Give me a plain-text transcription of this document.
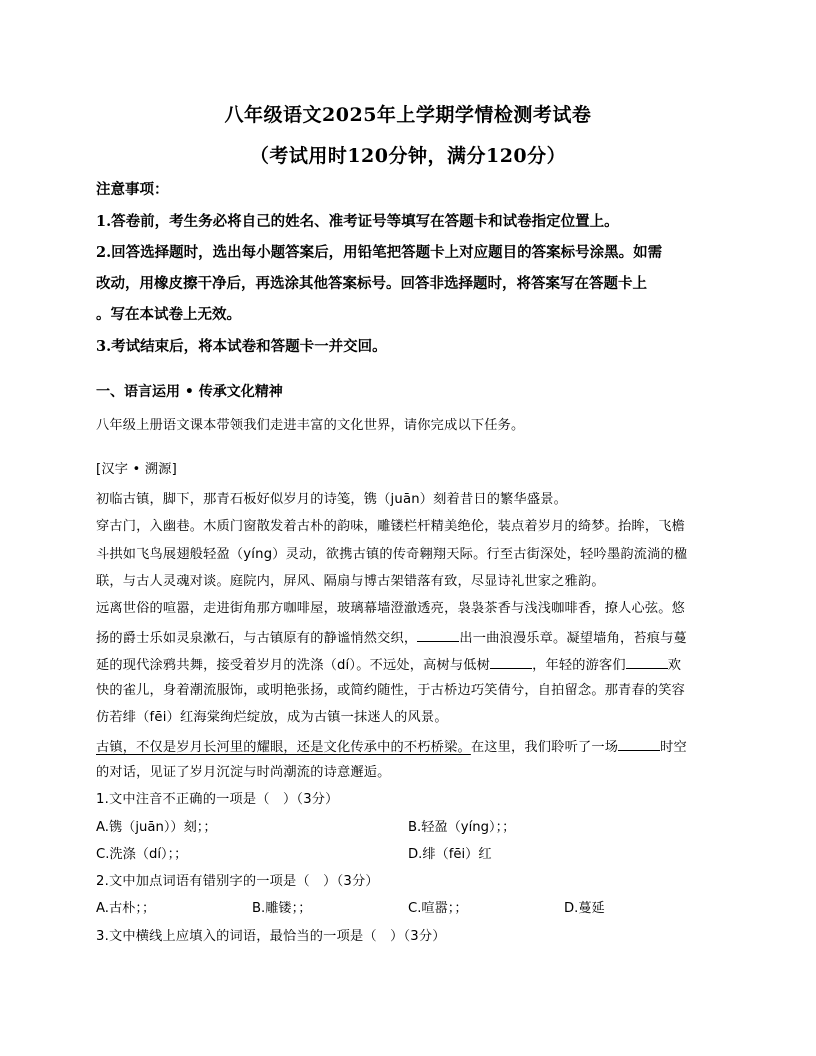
八年级语文2025年上学期学情检测考试卷
（考试用时120分钟，满分120分）
注意事项：
1.答卷前，考生务必将自己的姓名、准考证号等填写在答题卡和试卷指定位置上。
2.回答选择题时，选出每小题答案后，用铅笔把答题卡上对应题目的答案标号涂黑。如需
改动，用橡皮擦干净后，再选涂其他答案标号。回答非选择题时，将答案写在答题卡上
。写在本试卷上无效。
3.考试结束后，将本试卷和答题卡一并交回。
一、语言运用 • 传承文化精神
八年级上册语文课本带领我们走进丰富的文化世界，请你完成以下任务。
[汉字 • 溯源]
初临古镇，脚下，那青石板好似岁月的诗笺，镌（juān）刻着昔日的繁华盛景。
穿古门，入幽巷。木质门窗散发着古朴的韵味，雕镂栏杆精美绝伦，装点着岁月的绮梦。抬眸，飞檐
斗拱如飞鸟展翅般轻盈（yíng）灵动，欲携古镇的传奇翱翔天际。行至古街深处，轻吟墨韵流淌的楹
联，与古人灵魂对谈。庭院内，屏风、隔扇与博古架错落有致，尽显诗礼世家之雅韵。
远离世俗的喧嚣，走进街角那方咖啡屋，玻璃幕墙澄澈透亮，袅袅茶香与浅浅咖啡香，撩人心弦。悠
扬的爵士乐如灵泉漱石，与古镇原有的静谧悄然交织，	出一曲浪漫乐章。凝望墙角，苔痕与蔓
延的现代涂鸦共舞，接受着岁月的洗涤（dí）。不远处，高树与低树	，年轻的游客们	欢
快的雀儿，身着潮流服饰，或明艳张扬，或简约随性，于古桥边巧笑倩兮，自拍留念。那青春的笑容
仿若绯（fēi）红海棠绚烂绽放，成为古镇一抹迷人的风景。
古镇，不仅是岁月长河里的耀眼，还是文化传承中的不朽桥梁。在这里，我们聆听了一场	时空
的对话，见证了岁月沉淀与时尚潮流的诗意邂逅。
1.文中注音不正确的一项是（　）（3分）
A.镌（juān））刻；；	B.轻盈（yíng）；；
C.洗涤（dí）；；	D.绯（fēi）红
2.文中加点词语有错别字的一项是（　）（3分）
A.古朴；；	B.雕镂；；	C.喧嚣；；	D.蔓延
3.文中横线上应填入的词语，最恰当的一项是（　）（3分）
